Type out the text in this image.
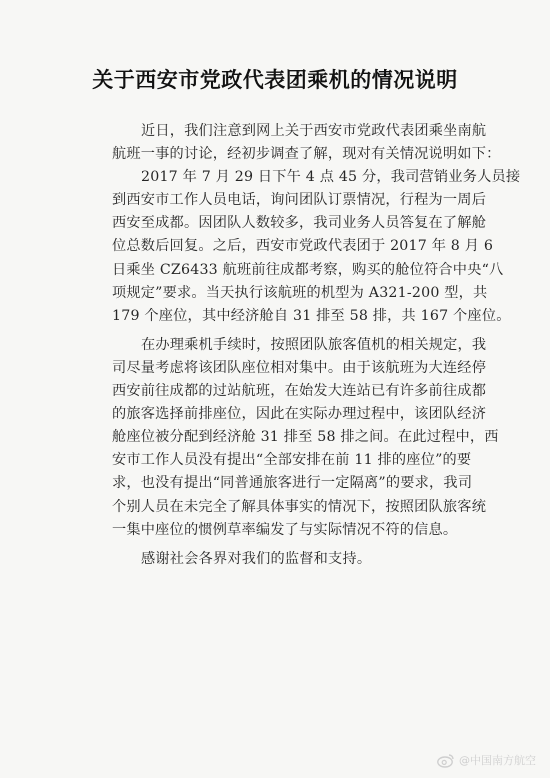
关于西安市党政代表团乘机的情况说明
近日，我们注意到网上关于西安市党政代表团乘坐南航
航班一事的讨论，经初步调查了解，现对有关情况说明如下：
2017 年 7 月 29 日下午 4 点 45 分，我司营销业务人员接
到西安市工作人员电话，询问团队订票情况，行程为一周后
西安至成都。因团队人数较多，我司业务人员答复在了解舱
位总数后回复。之后，西安市党政代表团于 2017 年 8 月 6
日乘坐 CZ6433 航班前往成都考察，购买的舱位符合中央“八
项规定”要求。当天执行该航班的机型为 A321-200 型，共
179 个座位，其中经济舱自 31 排至 58 排，共 167 个座位。
在办理乘机手续时，按照团队旅客值机的相关规定，我
司尽量考虑将该团队座位相对集中。由于该航班为大连经停
西安前往成都的过站航班，在始发大连站已有许多前往成都
的旅客选择前排座位，因此在实际办理过程中，该团队经济
舱座位被分配到经济舱 31 排至 58 排之间。在此过程中，西
安市工作人员没有提出“全部安排在前 11 排的座位”的要
求，也没有提出“同普通旅客进行一定隔离”的要求，我司
个别人员在未完全了解具体事实的情况下，按照团队旅客统
一集中座位的惯例草率编发了与实际情况不符的信息。
感谢社会各界对我们的监督和支持。
@中国南方航空
